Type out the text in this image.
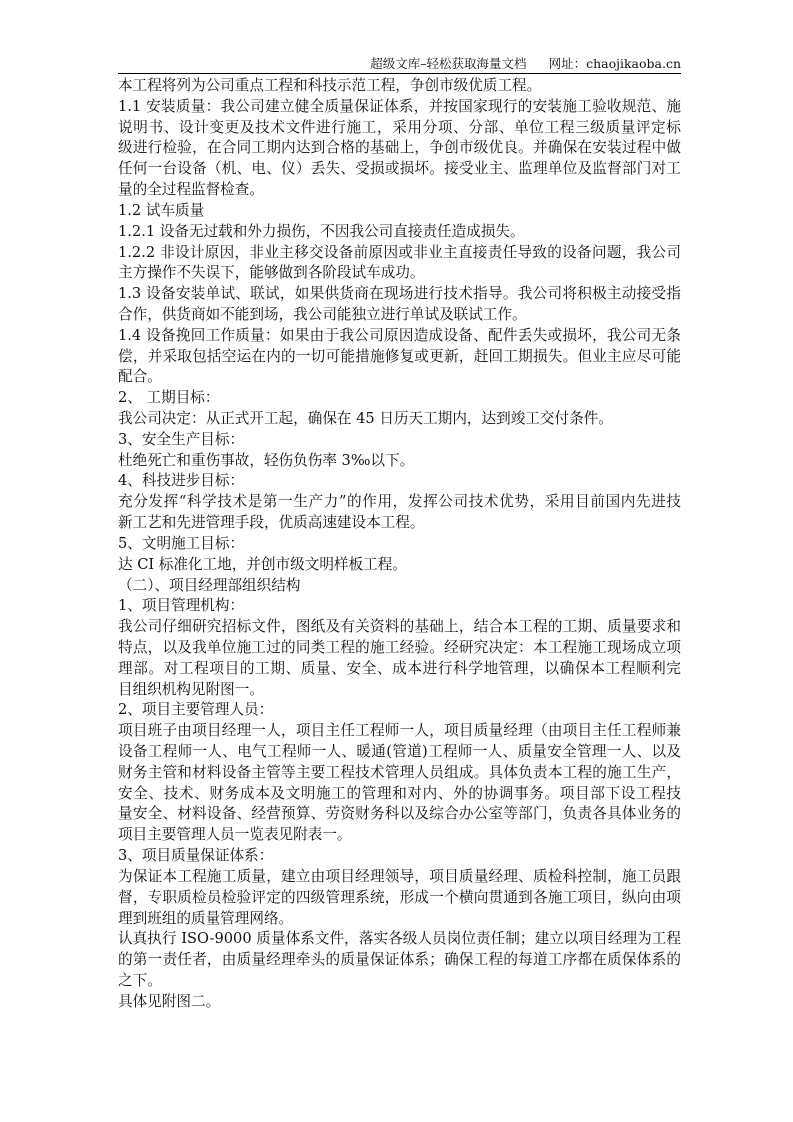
超级文库–轻松获取海量文档 网址：chaojikaoba.cn
本工程将列为公司重点工程和科技示范工程，争创市级优质工程。
1.1 安装质量：我公司建立健全质量保证体系，并按国家现行的安装施工验收规范、施
说明书、设计变更及技术文件进行施工，采用分项、分部、单位工程三级质量评定标
级进行检验，在合同工期内达到合格的基础上，争创市级优良。并确保在安装过程中做
任何一台设备（机、电、仪）丢失、受损或损坏。接受业主、监理单位及监督部门对工
量的全过程监督检查。
1.2 试车质量
1.2.1 设备无过载和外力损伤，不因我公司直接责任造成损失。
1.2.2 非设计原因，非业主移交设备前原因或非业主直接责任导致的设备问题，我公司
主方操作不失误下，能够做到各阶段试车成功。
1.3 设备安装单试、联试，如果供货商在现场进行技术指导。我公司将积极主动接受指
合作，供货商如不能到场，我公司能独立进行单试及联试工作。
1.4 设备挽回工作质量：如果由于我公司原因造成设备、配件丢失或损坏，我公司无条
偿，并采取包括空运在内的一切可能措施修复或更新，赶回工期损失。但业主应尽可能
配合。
2、 工期目标：
我公司决定：从正式开工起，确保在 45 日历天工期内，达到竣工交付条件。
3、安全生产目标：
杜绝死亡和重伤事故，轻伤负伤率 3‰以下。
4、科技进步目标：
充分发挥“科学技术是第一生产力”的作用，发挥公司技术优势，采用目前国内先进技
新工艺和先进管理手段，优质高速建设本工程。
5、文明施工目标：
达 CI 标准化工地，并创市级文明样板工程。
（二）、项目经理部组织结构
1、项目管理机构：
我公司仔细研究招标文件，图纸及有关资料的基础上，结合本工程的工期、质量要求和
特点，以及我单位施工过的同类工程的施工经验。经研究决定：本工程施工现场成立项
理部。对工程项目的工期、质量、安全、成本进行科学地管理，以确保本工程顺利完
目组织机构见附图一。
2、项目主要管理人员：
项目班子由项目经理一人，项目主任工程师一人，项目质量经理（由项目主任工程师兼
设备工程师一人、电气工程师一人、暖通(管道)工程师一人、质量安全管理一人、以及
财务主管和材料设备主管等主要工程技术管理人员组成。具体负责本工程的施工生产，
安全、技术、财务成本及文明施工的管理和对内、外的协调事务。项目部下设工程技
量安全、材料设备、经营预算、劳资财务科以及综合办公室等部门，负责各具体业务的
项目主要管理人员一览表见附表一。
3、项目质量保证体系：
为保证本工程施工质量，建立由项目经理领导，项目质量经理、质检科控制，施工员跟
督，专职质检员检验评定的四级管理系统，形成一个横向贯通到各施工项目，纵向由项
理到班组的质量管理网络。
认真执行 ISO-9000 质量体系文件，落实各级人员岗位责任制；建立以项目经理为工程
的第一责任者，由质量经理牵头的质量保证体系；确保工程的每道工序都在质保体系的
之下。
具体见附图二。
